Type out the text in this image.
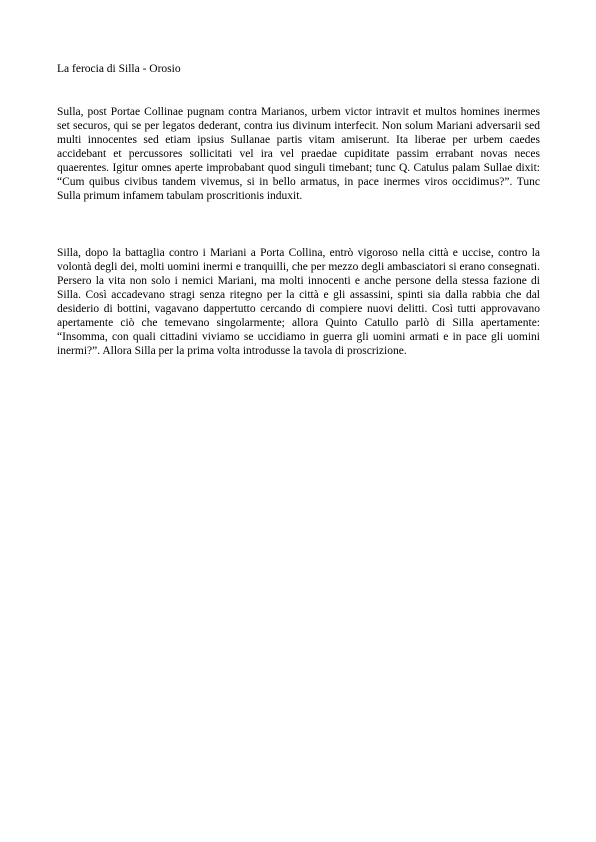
La ferocia di Silla - Orosio

Sulla, post Portae Collinae pugnam contra Marianos, urbem victor intravit et multos homines inermes set securos, qui se per legatos dederant, contra ius divinum interfecit. Non solum Mariani adversarii sed multi innocentes sed etiam ipsius Sullanae partis vitam amiserunt. Ita liberae per urbem caedes accidebant et percussores sollicitati vel ira vel praedae cupiditate passim errabant novas neces quaerentes. Igitur omnes aperte improbabant quod singuli timebant; tunc Q. Catulus palam Sullae dixit: “Cum quibus civibus tandem vivemus, si in bello armatus, in pace inermes viros occidimus?”. Tunc Sulla primum infamem tabulam proscritionis induxit.

Silla, dopo la battaglia contro i Mariani a Porta Collina, entrò vigoroso nella città e uccise, contro la volontà degli dei, molti uomini inermi e tranquilli, che per mezzo degli ambasciatori si erano consegnati. Persero la vita non solo i nemici Mariani, ma molti innocenti e anche persone della stessa fazione di Silla. Così accadevano stragi senza ritegno per la città e gli assassini, spinti sia dalla rabbia che dal desiderio di bottini, vagavano dappertutto cercando di compiere nuovi delitti. Così tutti approvavano apertamente ciò che temevano singolarmente; allora Quinto Catullo parlò di Silla apertamente: “Insomma, con quali cittadini viviamo se uccidiamo in guerra gli uomini armati e in pace gli uomini inermi?”. Allora Silla per la prima volta introdusse la tavola di proscrizione.
